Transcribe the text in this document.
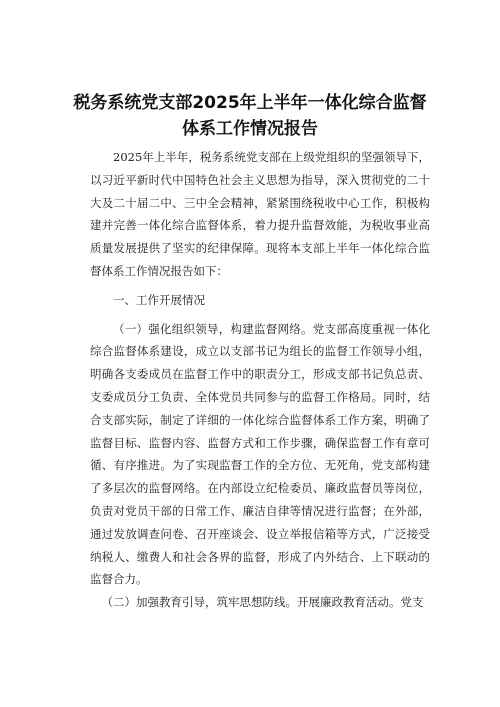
税务系统党支部2025年上半年一体化综合监督
体系工作情况报告

2025年上半年，税务系统党支部在上级党组织的坚强领导下，以习近平新时代中国特色社会主义思想为指导，深入贯彻党的二十大及二十届二中、三中全会精神，紧紧围绕税收中心工作，积极构建并完善一体化综合监督体系，着力提升监督效能，为税收事业高质量发展提供了坚实的纪律保障。现将本支部上半年一体化综合监督体系工作情况报告如下：

一、工作开展情况

（一）强化组织领导，构建监督网络。党支部高度重视一体化综合监督体系建设，成立以支部书记为组长的监督工作领导小组，明确各支委成员在监督工作中的职责分工，形成支部书记负总责、支委成员分工负责、全体党员共同参与的监督工作格局。同时，结合支部实际，制定了详细的一体化综合监督体系工作方案，明确了监督目标、监督内容、监督方式和工作步骤，确保监督工作有章可循、有序推进。为了实现监督工作的全方位、无死角，党支部构建了多层次的监督网络。在内部设立纪检委员、廉政监督员等岗位，负责对党员干部的日常工作、廉洁自律等情况进行监督；在外部，通过发放调查问卷、召开座谈会、设立举报信箱等方式，广泛接受纳税人、缴费人和社会各界的监督，形成了内外结合、上下联动的监督合力。

（二）加强教育引导，筑牢思想防线。开展廉政教育活动。党支
